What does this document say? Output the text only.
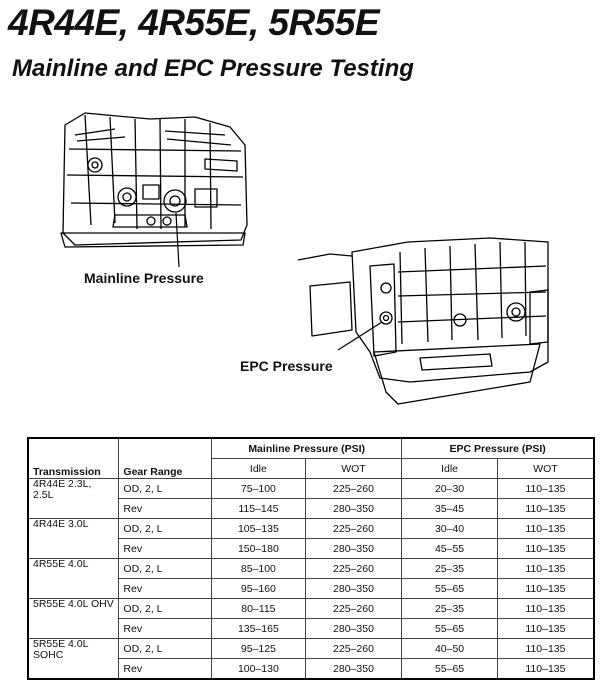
4R44E, 4R55E, 5R55E
Mainline and EPC Pressure Testing
Mainline Pressure
EPC Pressure
Transmission	Gear Range	Mainline Pressure (PSI)		EPC Pressure (PSI)	
		Idle	WOT	Idle	WOT
4R44E 2.3L, 2.5L	OD, 2, L	75–100	225–260	20–30	110–135
	Rev	115–145	280–350	35–45	110–135
4R44E 3.0L	OD, 2, L	105–135	225–260	30–40	110–135
	Rev	150–180	280–350	45–55	110–135
4R55E 4.0L	OD, 2, L	85–100	225–260	25–35	110–135
	Rev	95–160	280–350	55–65	110–135
5R55E 4.0L OHV	OD, 2, L	80–115	225–260	25–35	110–135
	Rev	135–165	280–350	55–65	110–135
5R55E 4.0L SOHC	OD, 2, L	95–125	225–260	40–50	110–135
	Rev	100–130	280–350	55–65	110–135
